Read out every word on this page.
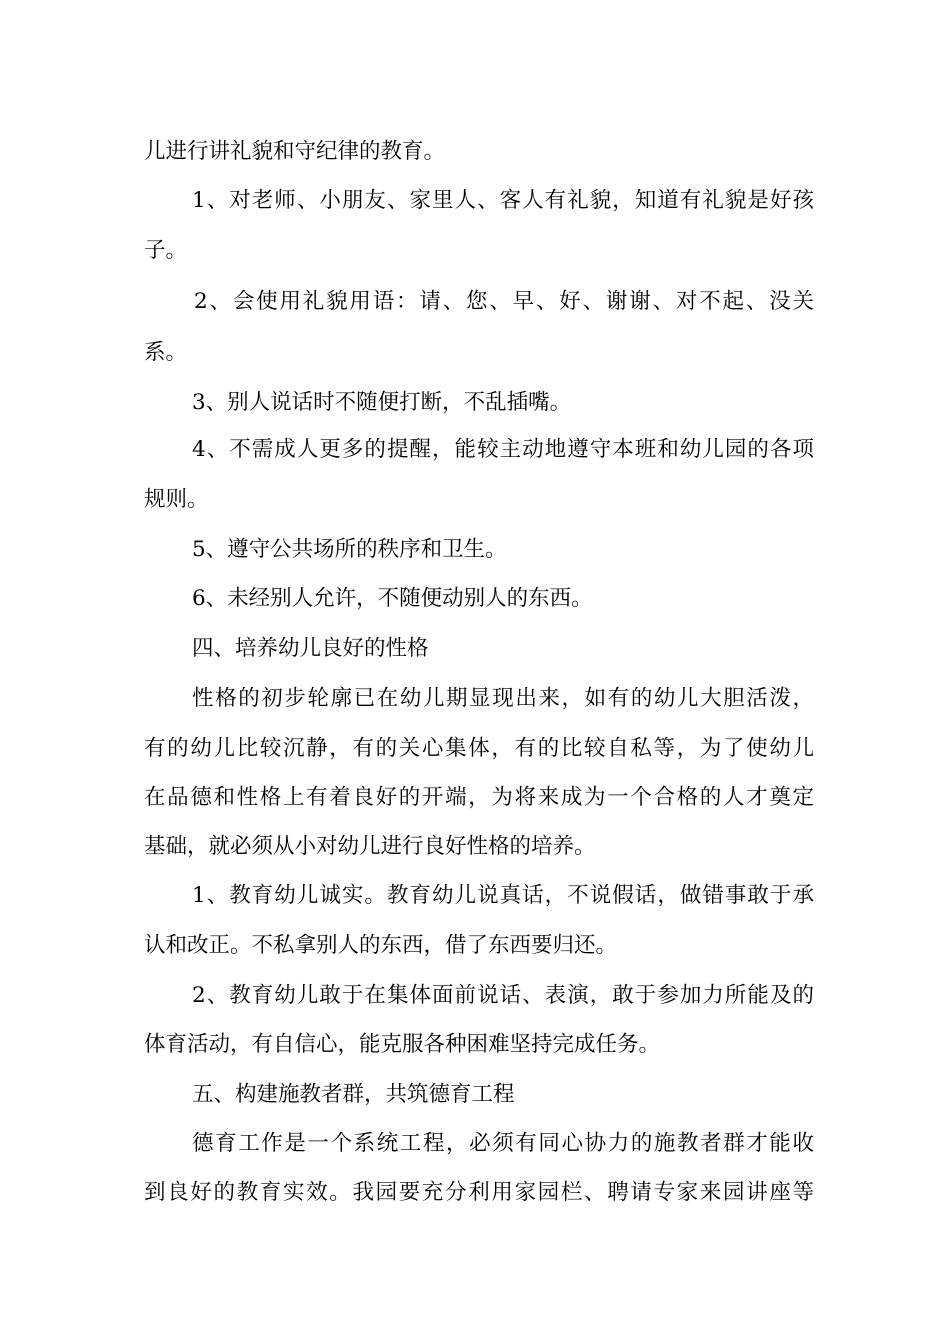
儿进行讲礼貌和守纪律的教育。
1、对老师、小朋友、家里人、客人有礼貌，知道有礼貌是好孩
子。
2、会使用礼貌用语：请、您、早、好、谢谢、对不起、没关
系。
3、别人说话时不随便打断，不乱插嘴。
4、不需成人更多的提醒，能较主动地遵守本班和幼儿园的各项
规则。
5、遵守公共场所的秩序和卫生。
6、未经别人允许，不随便动别人的东西。
四、培养幼儿良好的性格
性格的初步轮廓已在幼儿期显现出来，如有的幼儿大胆活泼，
有的幼儿比较沉静，有的关心集体，有的比较自私等，为了使幼儿
在品德和性格上有着良好的开端，为将来成为一个合格的人才奠定
基础，就必须从小对幼儿进行良好性格的培养。
1、教育幼儿诚实。教育幼儿说真话，不说假话，做错事敢于承
认和改正。不私拿别人的东西，借了东西要归还。
2、教育幼儿敢于在集体面前说话、表演，敢于参加力所能及的
体育活动，有自信心，能克服各种困难坚持完成任务。
五、构建施教者群，共筑德育工程
德育工作是一个系统工程，必须有同心协力的施教者群才能收
到良好的教育实效。我园要充分利用家园栏、聘请专家来园讲座等
